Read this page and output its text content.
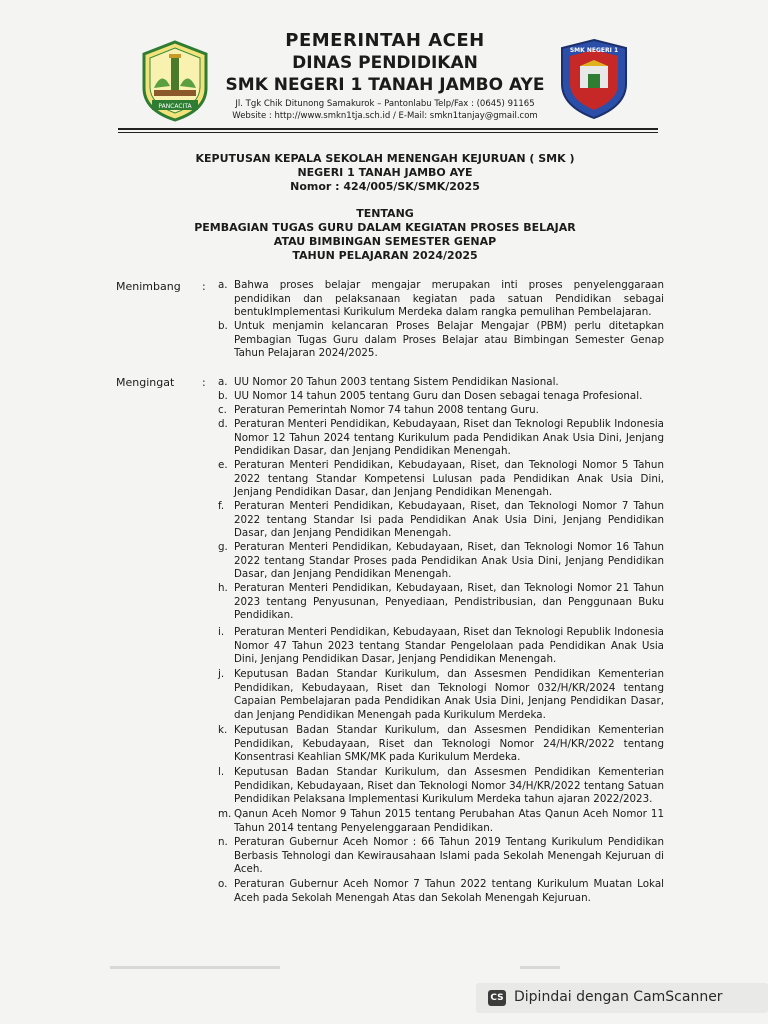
PANCACITA
PEMERINTAH ACEH
DINAS PENDIDIKAN
SMK NEGERI 1 TANAH JAMBO AYE
Jl. Tgk Chik Ditunong Samakurok – Pantonlabu Telp/Fax : (0645) 91165
Website : http://www.smkn1tja.sch.id / E-Mail: smkn1tanjay@gmail.com
SMK NEGERI 1
KEPUTUSAN KEPALA SEKOLAH MENENGAH KEJURUAN ( SMK )
NEGERI 1 TANAH JAMBO AYE
Nomor : 424/005/SK/SMK/2025
TENTANG
PEMBAGIAN TUGAS GURU DALAM KEGIATAN PROSES BELAJAR
ATAU BIMBINGAN SEMESTER GENAP
TAHUN PELAJARAN 2024/2025
Menimbang : a. Bahwa proses belajar mengajar merupakan inti proses penyelenggaraan pendidikan dan pelaksanaan kegiatan pada satuan Pendidikan sebagai bentukImplementasi Kurikulum Merdeka dalam rangka pemulihan Pembelajaran.
b. Untuk menjamin kelancaran Proses Belajar Mengajar (PBM) perlu ditetapkan Pembagian Tugas Guru dalam Proses Belajar atau Bimbingan Semester Genap Tahun Pelajaran 2024/2025.
Mengingat	: a. UU Nomor 20 Tahun 2003 tentang Sistem Pendidikan Nasional.
b. UU Nomor 14 tahun 2005 tentang Guru dan Dosen sebagai tenaga Profesional.
c. Peraturan Pemerintah Nomor 74 tahun 2008 tentang Guru.
d. Peraturan Menteri Pendidikan, Kebudayaan, Riset dan Teknologi Republik Indonesia Nomor 12 Tahun 2024 tentang Kurikulum pada Pendidikan Anak Usia Dini, Jenjang Pendidikan Dasar, dan Jenjang Pendidikan Menengah.
e. Peraturan Menteri Pendidikan, Kebudayaan, Riset, dan Teknologi Nomor 5 Tahun 2022 tentang Standar Kompetensi Lulusan pada Pendidikan Anak Usia Dini, Jenjang Pendidikan Dasar, dan Jenjang Pendidikan Menengah.
f. Peraturan Menteri Pendidikan, Kebudayaan, Riset, dan Teknologi Nomor 7 Tahun 2022 tentang Standar Isi pada Pendidikan Anak Usia Dini, Jenjang Pendidikan Dasar, dan Jenjang Pendidikan Menengah.
g. Peraturan Menteri Pendidikan, Kebudayaan, Riset, dan Teknologi Nomor 16 Tahun 2022 tentang Standar Proses pada Pendidikan Anak Usia Dini, Jenjang Pendidikan Dasar, dan Jenjang Pendidikan Menengah.
h. Peraturan Menteri Pendidikan, Kebudayaan, Riset, dan Teknologi Nomor 21 Tahun 2023 tentang Penyusunan, Penyediaan, Pendistribusian, dan Penggunaan Buku Pendidikan.
i. Peraturan Menteri Pendidikan, Kebudayaan, Riset dan Teknologi Republik Indonesia Nomor 47 Tahun 2023 tentang Standar Pengelolaan pada Pendidikan Anak Usia Dini, Jenjang Pendidikan Dasar, Jenjang Pendidikan Menengah.
j. Keputusan Badan Standar Kurikulum, dan Assesmen Pendidikan Kementerian Pendidikan, Kebudayaan, Riset dan Teknologi Nomor 032/H/KR/2024 tentang Capaian Pembelajaran pada Pendidikan Anak Usia Dini, Jenjang Pendidikan Dasar, dan Jenjang Pendidikan Menengah pada Kurikulum Merdeka.
k. Keputusan Badan Standar Kurikulum, dan Assesmen Pendidikan Kementerian Pendidikan, Kebudayaan, Riset dan Teknologi Nomor 24/H/KR/2022 tentang Konsentrasi Keahlian SMK/MK pada Kurikulum Merdeka.
l. Keputusan Badan Standar Kurikulum, dan Assesmen Pendidikan Kementerian Pendidikan, Kebudayaan, Riset dan Teknologi Nomor 34/H/KR/2022 tentang Satuan Pendidikan Pelaksana Implementasi Kurikulum Merdeka tahun ajaran 2022/2023.
m. Qanun Aceh Nomor 9 Tahun 2015 tentang Perubahan Atas Qanun Aceh Nomor 11 Tahun 2014 tentang Penyelenggaraan Pendidikan.
n. Peraturan Gubernur Aceh Nomor : 66 Tahun 2019 Tentang Kurikulum Pendidikan Berbasis Tehnologi dan Kewirausahaan Islami pada Sekolah Menengah Kejuruan di Aceh.
o. Peraturan Gubernur Aceh Nomor 7 Tahun 2022 tentang Kurikulum Muatan Lokal Aceh pada Sekolah Menengah Atas dan Sekolah Menengah Kejuruan.
CS Dipindai dengan CamScanner
